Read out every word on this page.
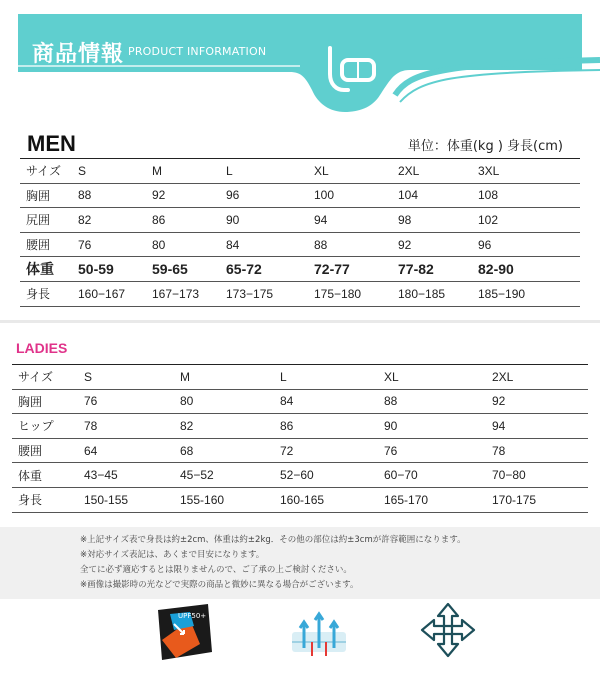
商品情報 PRODUCT INFORMATION
MEN	単位：体重(kg ) 身長(cm)
サイズ	S	M	L	XL	2XL	3XL
胸囲	88	92	96	100	104	108
尻囲	82	86	90	94	98	102
腰囲	76	80	84	88	92	96
体重	50-59	59-65	65-72	72-77	77-82	82-90
身長	160−167	167−173	173−175	175−180	180−185	185−190
LADIES
サイズ	S	M	L	XL	2XL
胸囲	76	80	84	88	92
ヒップ	78	82	86	90	94
腰囲	64	68	72	76	78
体重	43−45	45−52	52−60	60−70	70−80
身長	150-155	155-160	160-165	165-170	170-175
※上記サイズ表で身長は約±2cm、体重は約±2kg．その他の部位は約±3cmが許容範囲になります。
※対応サイズ表記は、あくまで目安になります。
全てに必ず適応するとは限りませんので、ご了承の上ご検討ください。
※画像は撮影時の光などで実際の商品と微妙に異なる場合がございます。
UPF50+
